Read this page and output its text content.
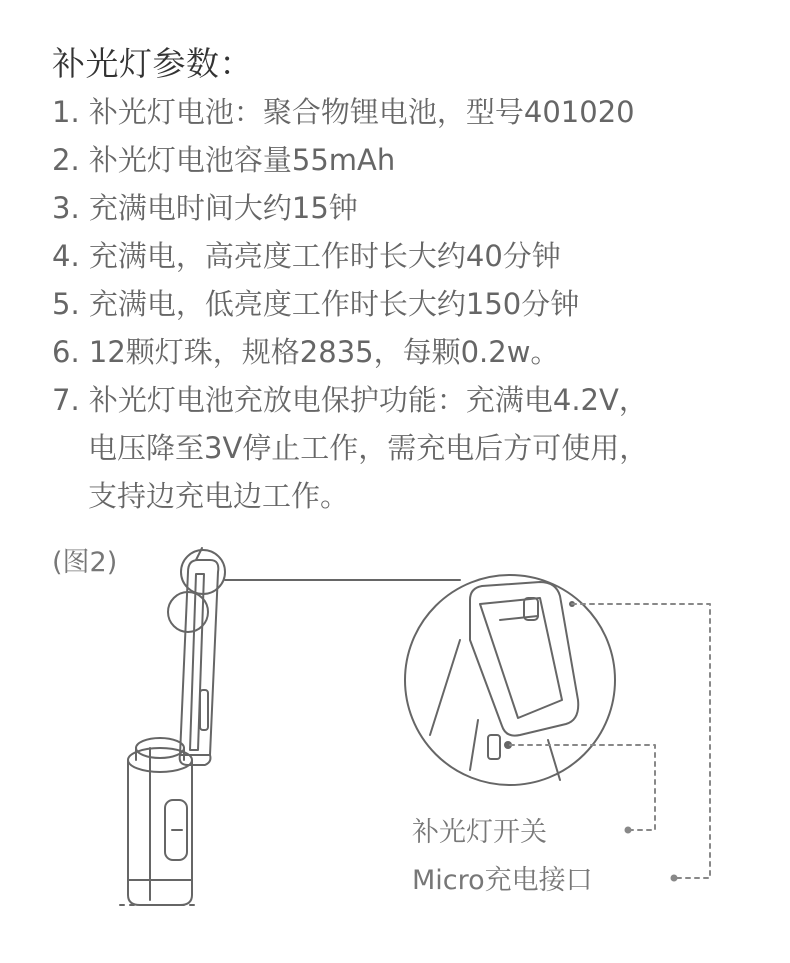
补光灯参数：
1. 补光灯电池：聚合物锂电池，型号401020
2. 补光灯电池容量55mAh
3. 充满电时间大约15钟
4. 充满电，高亮度工作时长大约40分钟
5. 充满电，低亮度工作时长大约150分钟
6. 12颗灯珠，规格2835，每颗0.2w。
7. 补光灯电池充放电保护功能：充满电4.2V，
电压降至3V停止工作，需充电后方可使用，
支持边充电边工作。
(图2)
补光灯开关
Micro充电接口
